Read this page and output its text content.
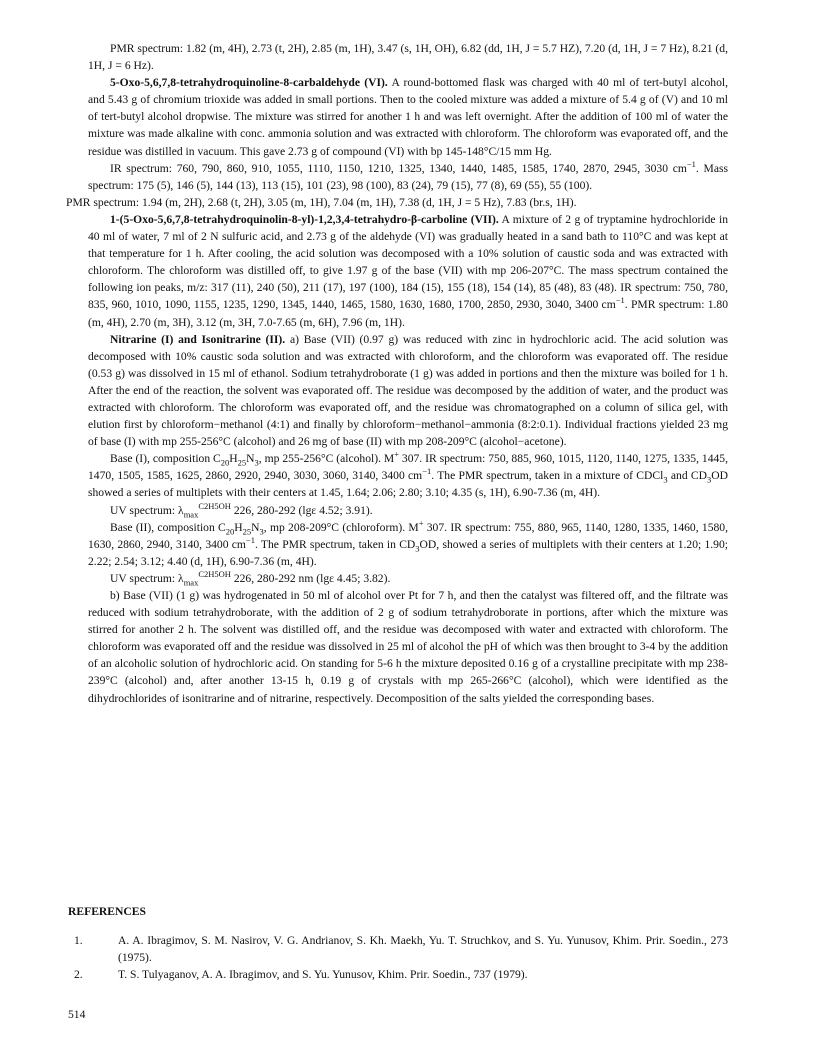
PMR spectrum: 1.82 (m, 4H), 2.73 (t, 2H), 2.85 (m, 1H), 3.47 (s, 1H, OH), 6.82 (dd, 1H, J = 5.7 HZ), 7.20 (d, 1H, J = 7 Hz), 8.21 (d, 1H, J = 6 Hz).

5-Oxo-5,6,7,8-tetrahydroquinoline-8-carbaldehyde (VI). A round-bottomed flask was charged with 40 ml of tert-butyl alcohol, and 5.43 g of chromium trioxide was added in small portions. Then to the cooled mixture was added a mixture of 5.4 g of (V) and 10 ml of tert-butyl alcohol dropwise. The mixture was stirred for another 1 h and was left overnight. After the addition of 100 ml of water the mixture was made alkaline with conc. ammonia solution and was extracted with chloroform. The chloroform was evaporated off, and the residue was distilled in vacuum. This gave 2.73 g of compound (VI) with bp 145-148°C/15 mm Hg.

IR spectrum: 760, 790, 860, 910, 1055, 1110, 1150, 1210, 1325, 1340, 1440, 1485, 1585, 1740, 2870, 2945, 3030 $cm^{-1}$. Mass spectrum: 175 (5), 146 (5), 144 (13), 113 (15), 101 (23), 98 (100), 83 (24), 79 (15), 77 (8), 69 (55), 55 (100).
PMR spectrum: 1.94 (m, 2H), 2.68 (t, 2H), 3.05 (m, 1H), 7.04 (m, 1H), 7.38 (d, 1H, J = 5 Hz), 7.83 (br.s, 1H).

1-(5-Oxo-5,6,7,8-tetrahydroquinolin-8-yl)-1,2,3,4-tetrahydro-β-carboline (VII). A mixture of 2 g of tryptamine hydrochloride in 40 ml of water, 7 ml of 2 N sulfuric acid, and 2.73 g of the aldehyde (VI) was gradually heated in a sand bath to 110°C and was kept at that temperature for 1 h. After cooling, the acid solution was decomposed with a 10% solution of caustic soda and was extracted with chloroform. The chloroform was distilled off, to give 1.97 g of the base (VII) with mp 206-207°C. The mass spectrum contained the following ion peaks, m/z: 317 (11), 240 (50), 211 (17), 197 (100), 184 (15), 155 (18), 154 (14), 85 (48), 83 (48). IR spectrum: 750, 780, 835, 960, 1010, 1090, 1155, 1235, 1290, 1345, 1440, 1465, 1580, 1630, 1680, 1700, 2850, 2930, 3040, 3400 $cm^{-1}$. PMR spectrum: 1.80 (m, 4H), 2.70 (m, 3H), 3.12 (m, 3H, 7.0-7.65 (m, 6H), 7.96 (m, 1H).

Nitrarine (I) and Isonitrarine (II). a) Base (VII) (0.97 g) was reduced with zinc in hydrochloric acid. The acid solution was decomposed with 10% caustic soda solution and was extracted with chloroform, and the chloroform was evaporated off. The residue (0.53 g) was dissolved in 15 ml of ethanol. Sodium tetrahydroborate (1 g) was added in portions and then the mixture was boiled for 1 h. After the end of the reaction, the solvent was evaporated off. The residue was decomposed by the addition of water, and the product was extracted with chloroform. The chloroform was evaporated off, and the residue was chromatographed on a column of silica gel, with elution first by chloroform−methanol (4:1) and finally by chloroform−methanol−ammonia (8:2:0.1). Individual fractions yielded 23 mg of base (I) with mp 255-256°C (alcohol) and 26 mg of base (II) with mp 208-209°C (alcohol−acetone).

Base (I), composition $C_{20}H_{25}N_3$, mp 255-256°C (alcohol). M+ 307. IR spectrum: 750, 885, 960, 1015, 1120, 1140, 1275, 1335, 1445, 1470, 1505, 1585, 1625, 2860, 2920, 2940, 3030, 3060, 3140, 3400 $cm^{-1}$. The PMR spectrum, taken in a mixture of CDCl$_3$ and $CD_3OD$ showed a series of multiplets with their centers at 1.45, 1.64; 2.06; 2.80; 3.10; 4.35 (s, 1H), 6.90-7.36 (m, 4H).

UV spectrum: $\lambda_{max}^{C2H5OH}$ 226, 280-292 (lgε 4.52; 3.91).

Base (II), composition $C_{20}H_{25}N_3$, mp 208-209°C (chloroform). M+ 307. IR spectrum: 755, 880, 965, 1140, 1280, 1335, 1460, 1580, 1630, 2860, 2940, 3140, 3400 $cm^{-1}$. The PMR spectrum, taken in $CD_3OD$, showed a series of multiplets with their centers at 1.20; 1.90; 2.22; 2.54; 3.12; 4.40 (d, 1H), 6.90-7.36 (m, 4H).

UV spectrum: $\lambda_{max}^{C2H5OH}$ 226, 280-292 nm (lgε 4.45; 3.82).

b) Base (VII) (1 g) was hydrogenated in 50 ml of alcohol over Pt for 7 h, and then the catalyst was filtered off, and the filtrate was reduced with sodium tetrahydroborate, with the addition of 2 g of sodium tetrahydroborate in portions, after which the mixture was stirred for another 2 h. The solvent was distilled off, and the residue was decomposed with water and extracted with chloroform. The chloroform was evaporated off and the residue was dissolved in 25 ml of alcohol the pH of which was then brought to 3-4 by the addition of an alcoholic solution of hydrochloric acid. On standing for 5-6 h the mixture deposited 0.16 g of a crystalline precipitate with mp 238-239°C (alcohol) and, after another 13-15 h, 0.19 g of crystals with mp 265-266°C (alcohol), which were identified as the dihydrochlorides of isonitrarine and of nitrarine, respectively. Decomposition of the salts yielded the corresponding bases.

REFERENCES
1.	A. A. Ibragimov, S. M. Nasirov, V. G. Andrianov, S. Kh. Maekh, Yu. T. Struchkov, and S. Yu. Yunusov, Khim. Prir. Soedin., 273 (1975).
2.	T. S. Tulyaganov, A. A. Ibragimov, and S. Yu. Yunusov, Khim. Prir. Soedin., 737 (1979).
514
